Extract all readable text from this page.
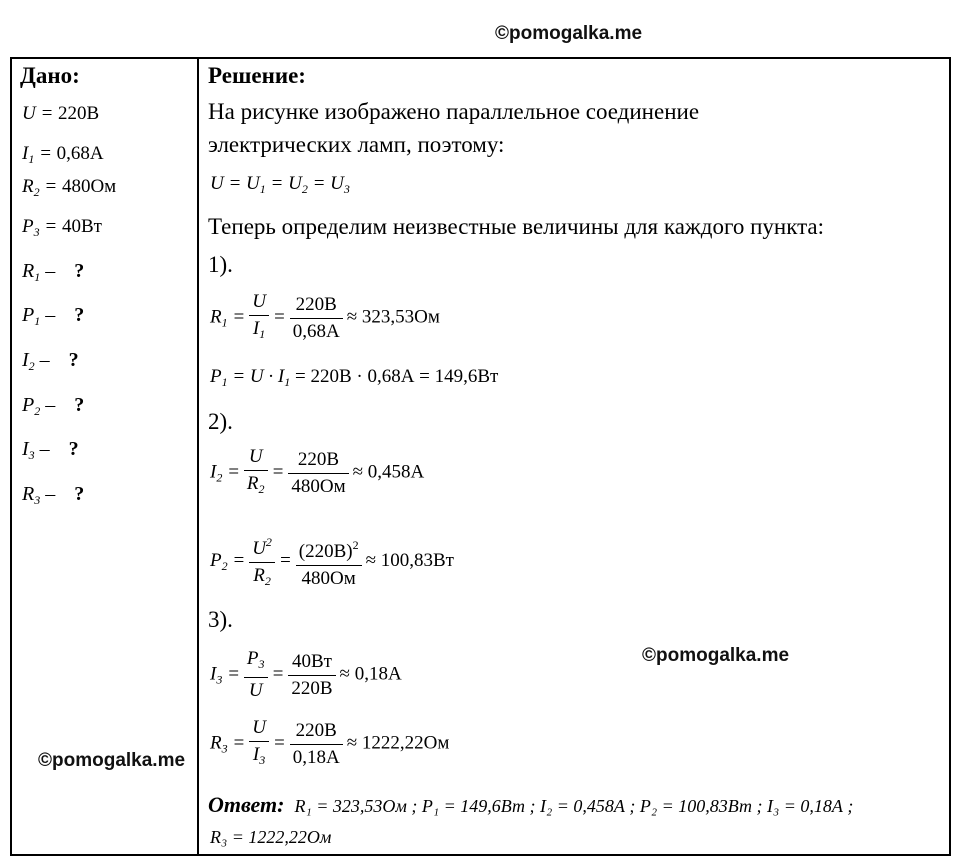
©pomogalka.me
Дано:
U = 220В
$I_1 = 0,68А$
$R_2 = 480Ом$
$P_3 = 40Вт$
$R_1$ – ?
$P_1$ – ?
$I_2$ – ?
$P_2$ – ?
$I_3$ – ?
$R_3$ – ?
Решение:
На рисунке изображено параллельное соединение
электрических ламп, поэтому:
$U = U_1 = U_2 = U_3$
Теперь определим неизвестные величины для каждого пункта:
1).
$R_1 = \frac{U}{I_1} = \frac{220В}{0,68А} \approx 323,53Ом$
$P_1 = U \cdot I_1 = 220В \cdot 0,68А = 149,6Вт$
2).
$I_2 = \frac{U}{R_2} = \frac{220В}{480Ом} \approx 0,458А$
$P_2 = \frac{U^2}{R_2} = \frac{(220В)^2}{480Ом} \approx 100,83Вт$
3).
$I_3 = \frac{P_3}{U} = \frac{40Вт}{220В} \approx 0,18А$
$R_3 = \frac{U}{I_3} = \frac{220В}{0,18А} \approx 1222,22Ом$
Ответ: R₁ = 323,53Ом ; P₁ = 149,6Вт ; I₂ = 0,458А ; P₂ = 100,83Вт ; I₃ = 0,18А ;
R₃ = 1222,22Ом
©pomogalka.me
©pomogalka.me
